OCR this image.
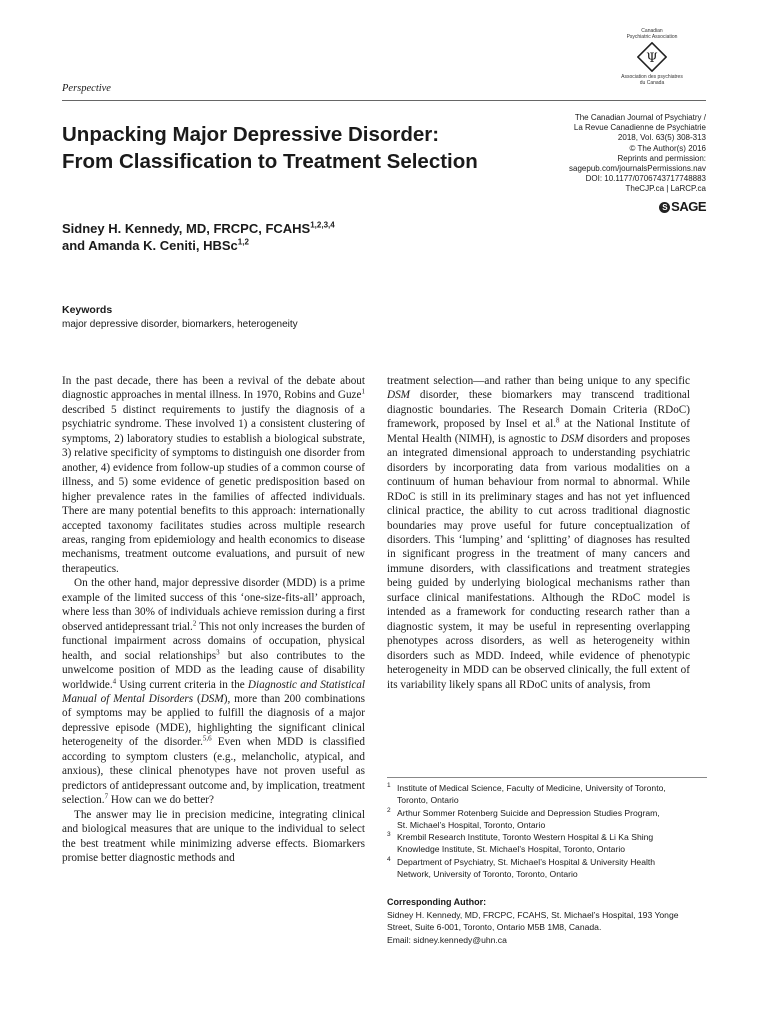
Canadian
Psychiatric Association
Ψ
Association des psychiatres
du Canada
Perspective
The Canadian Journal of Psychiatry /
La Revue Canadienne de Psychiatrie
2018, Vol. 63(5) 308-313
© The Author(s) 2016
Reprints and permission:
sagepub.com/journalsPermissions.nav
DOI: 10.1177/0706743717748883
TheCJP.ca | LaRCP.ca
S SAGE
Unpacking Major Depressive Disorder:
From Classification to Treatment Selection
Sidney H. Kennedy, MD, FRCPC, FCAHS$^{1,2,3,4}$
and Amanda K. Ceniti, HBSc$^{1,2}$
Keywords
major depressive disorder, biomarkers, heterogeneity

In the past decade, there has been a revival of the debate about diagnostic approaches in mental illness. In 1970, Robins and Guze$^1$ described 5 distinct requirements to justify the diagnosis of a psychiatric syndrome. These involved 1) a consistent clustering of symptoms, 2) laboratory studies to establish a biological substrate, 3) relative specificity of symptoms to distinguish one disorder from another, 4) evidence from follow-up studies of a common course of illness, and 5) some evidence of genetic predisposition based on higher prevalence rates in the families of affected individuals. There are many potential benefits to this approach: internationally accepted taxonomy facilitates studies across multiple research areas, ranging from epidemiology and health economics to disease mechanisms, treatment outcome evaluations, and pursuit of new therapeutics.

On the other hand, major depressive disorder (MDD) is a prime example of the limited success of this ‘one-size-fits-all’ approach, where less than 30% of individuals achieve remission during a first observed antidepressant trial.$^2$ This not only increases the burden of functional impairment across domains of occupation, physical health, and social relationships$^3$ but also contributes to the unwelcome position of MDD as the leading cause of disability worldwide.$^4$ Using current criteria in the Diagnostic and Statistical Manual of Mental Disorders (DSM), more than 200 combinations of symptoms may be applied to fulfill the diagnosis of a major depressive episode (MDE), highlighting the significant clinical heterogeneity of the disorder.$^{5,6}$ Even when MDD is classified according to symptom clusters (e.g., melancholic, atypical, and anxious), these clinical phenotypes have not proven useful as predictors of antidepressant outcome and, by implication, treatment selection.$^7$ How can we do better?

The answer may lie in precision medicine, integrating clinical and biological measures that are unique to the individual to select the best treatment while minimizing adverse effects. Biomarkers promise better diagnostic methods and

treatment selection—and rather than being unique to any specific DSM disorder, these biomarkers may transcend traditional diagnostic boundaries. The Research Domain Criteria (RDoC) framework, proposed by Insel et al.$^8$ at the National Institute of Mental Health (NIMH), is agnostic to DSM disorders and proposes an integrated dimensional approach to understanding psychiatric disorders by incorporating data from various modalities on a continuum of human behaviour from normal to abnormal. While RDoC is still in its preliminary stages and has not yet influenced clinical practice, the ability to cut across traditional diagnostic boundaries may prove useful for future conceptualization of disorders. This ‘lumping’ and ‘splitting’ of diagnoses has resulted in significant progress in the treatment of many cancers and immune disorders, with classifications and treatment strategies being guided by underlying biological mechanisms rather than surface clinical manifestations. Although the RDoC model is intended as a framework for conducting research rather than a diagnostic system, it may be useful in representing overlapping phenotypes across disorders, as well as heterogeneity within disorders such as MDD. Indeed, while evidence of phenotypic heterogeneity in MDD can be observed clinically, the full extent of its variability likely spans all RDoC units of analysis, from

1 Institute of Medical Science, Faculty of Medicine, University of Toronto,
Toronto, Ontario
2 Arthur Sommer Rotenberg Suicide and Depression Studies Program,
St. Michael’s Hospital, Toronto, Ontario
3 Krembil Research Institute, Toronto Western Hospital & Li Ka Shing
Knowledge Institute, St. Michael’s Hospital, Toronto, Ontario
4 Department of Psychiatry, St. Michael’s Hospital & University Health
Network, University of Toronto, Toronto, Ontario
Corresponding Author:
Sidney H. Kennedy, MD, FRCPC, FCAHS, St. Michael’s Hospital, 193 Yonge
Street, Suite 6-001, Toronto, Ontario M5B 1M8, Canada.
Email: sidney.kennedy@uhn.ca
